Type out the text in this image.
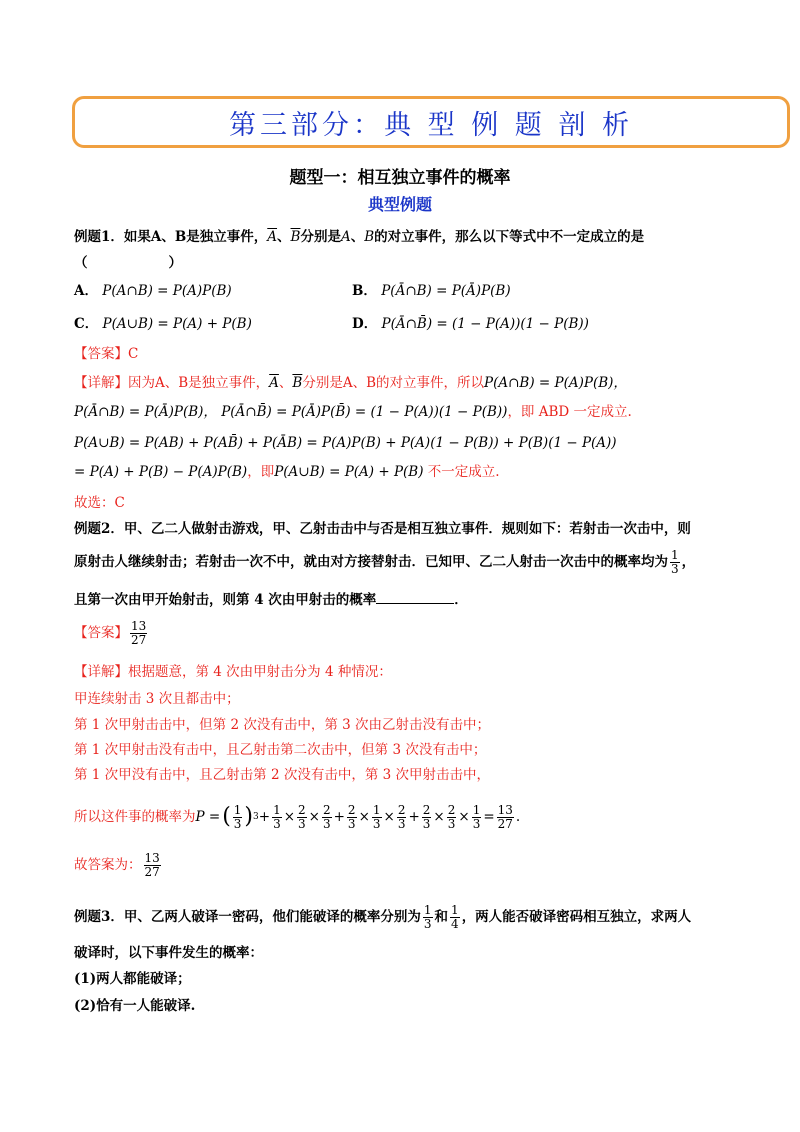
第三部分：典 型 例 题 剖 析
题型一：相互独立事件的概率
典型例题
例题1．如果A、B是独立事件，$\overline{A}$、$\overline{B}$分别是A、B的对立事件，那么以下等式中不一定成立的是
（　　　　　　）
A． P(A∩B) = P(A)P(B)	B． P(Ā∩B) = P(Ā)P(B)
C． P(A∪B) = P(A) + P(B)	D． P(Ā∩B̄) = (1 − P(A))(1 − P(B))
【答案】C
【详解】因为A、B是独立事件，$\overline{A}$、$\overline{B}$分别是A、B的对立事件，所以P(A∩B) = P(A)P(B)，
P(Ā∩B) = P(Ā)P(B)， P(Ā∩B̄) = P(Ā)P(B̄) = (1 − P(A))(1 − P(B))，即 ABD 一定成立.
P(A∪B) = P(AB) + P(AB̄) + P(ĀB) = P(A)P(B) + P(A)(1 − P(B)) + P(B)(1 − P(A))
= P(A) + P(B) − P(A)P(B)，即P(A∪B) = P(A) + P(B) 不一定成立.
故选：C
例题2．甲、乙二人做射击游戏，甲、乙射击击中与否是相互独立事件．规则如下：若射击一次击中，则
原射击人继续射击；若射击一次不中，就由对方接替射击．已知甲、乙二人射击一次击中的概率均为 $\frac{1}{3}$ ，
且第一次由甲开始射击，则第 4 次由甲射击的概率	．
【答案】 $\frac{13}{27}$
【详解】根据题意，第 4 次由甲射击分为 4 种情况：
甲连续射击 3 次且都击中；
第 1 次甲射击击中，但第 2 次没有击中，第 3 次由乙射击没有击中；
第 1 次甲射击没有击中，且乙射击第二次击中，但第 3 次没有击中；
第 1 次甲没有击中，且乙射击第 2 次没有击中，第 3 次甲射击击中，
所以这件事的概率为 P = ( $\frac{1}{3}$ ) $3 + \frac{1}{3} \times \frac{2}{3} \times \frac{2}{3} + \frac{2}{3} \times \frac{1}{3} \times \frac{2}{3} + \frac{2}{3} \times \frac{2}{3} \times \frac{1}{3} = \frac{13}{27}$ .
故答案为： $\frac{13}{27}$
例题3．甲、乙两人破译一密码，他们能破译的概率分别为 $\frac{1}{3}$ 和 $\frac{1}{4}$ ，两人能否破译密码相互独立，求两人
破译时，以下事件发生的概率：
(1)两人都能破译；
(2)恰有一人能破译.
